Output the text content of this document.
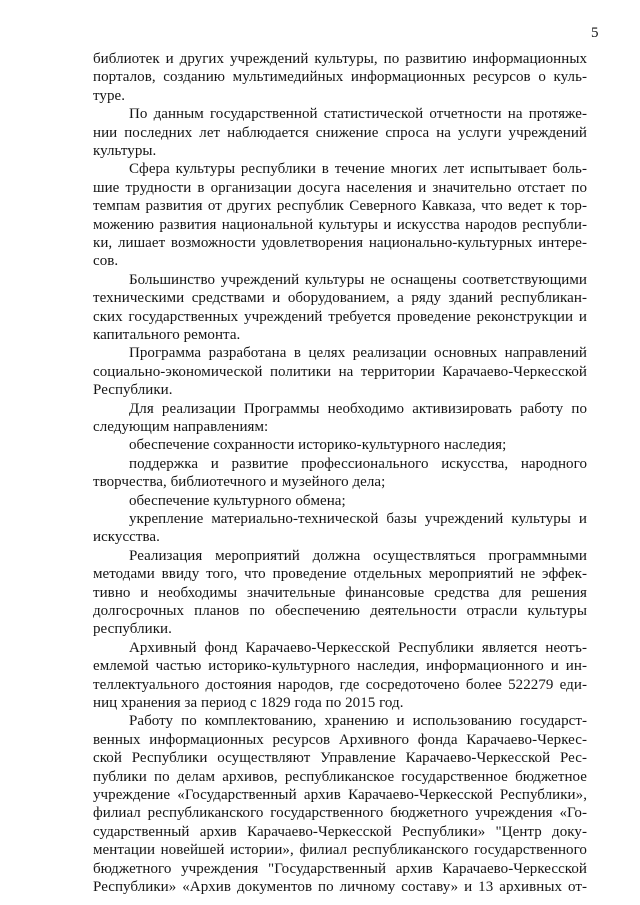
5
библиотек и других учреждений культуры, по развитию информационных
порталов, созданию мультимедийных информационных ресурсов о куль-
туре.
По данным государственной статистической отчетности на протяже-
нии последних лет наблюдается снижение спроса на услуги учреждений
культуры.
Сфера культуры республики в течение многих лет испытывает боль-
шие трудности в организации досуга населения и значительно отстает по
темпам развития от других республик Северного Кавказа, что ведет к тор-
можению развития национальной культуры и искусства народов республи-
ки, лишает возможности удовлетворения национально-культурных интере-
сов.
Большинство учреждений культуры не оснащены соответствующими
техническими средствами и оборудованием, а ряду зданий республикан-
ских государственных учреждений требуется проведение реконструкции и
капитального ремонта.
Программа разработана в целях реализации основных направлений
социально-экономической политики на территории Карачаево-Черкесской
Республики.
Для реализации Программы необходимо активизировать работу по
следующим направлениям:
обеспечение сохранности историко-культурного наследия;
поддержка и развитие профессионального искусства, народного
творчества, библиотечного и музейного дела;
обеспечение культурного обмена;
укрепление материально-технической базы учреждений культуры и
искусства.
Реализация мероприятий должна осуществляться программными
методами ввиду того, что проведение отдельных мероприятий не эффек-
тивно и необходимы значительные финансовые средства для решения
долгосрочных планов по обеспечению деятельности отрасли культуры
республики.
Архивный фонд Карачаево-Черкесской Республики является неотъ-
емлемой частью историко-культурного наследия, информационного и ин-
теллектуального достояния народов, где сосредоточено более 522279 еди-
ниц хранения за период с 1829 года по 2015 год.
Работу по комплектованию, хранению и использованию государст-
венных информационных ресурсов Архивного фонда Карачаево-Черкес-
ской Республики осуществляют Управление Карачаево-Черкесской Рес-
публики по делам архивов, республиканское государственное бюджетное
учреждение «Государственный архив Карачаево-Черкесской Республики»,
филиал республиканского государственного бюджетного учреждения «Го-
сударственный архив Карачаево-Черкесской Республики» "Центр доку-
ментации новейшей истории», филиал республиканского государственного
бюджетного учреждения "Государственный архив Карачаево-Черкесской
Республики» «Архив документов по личному составу» и 13 архивных от-
